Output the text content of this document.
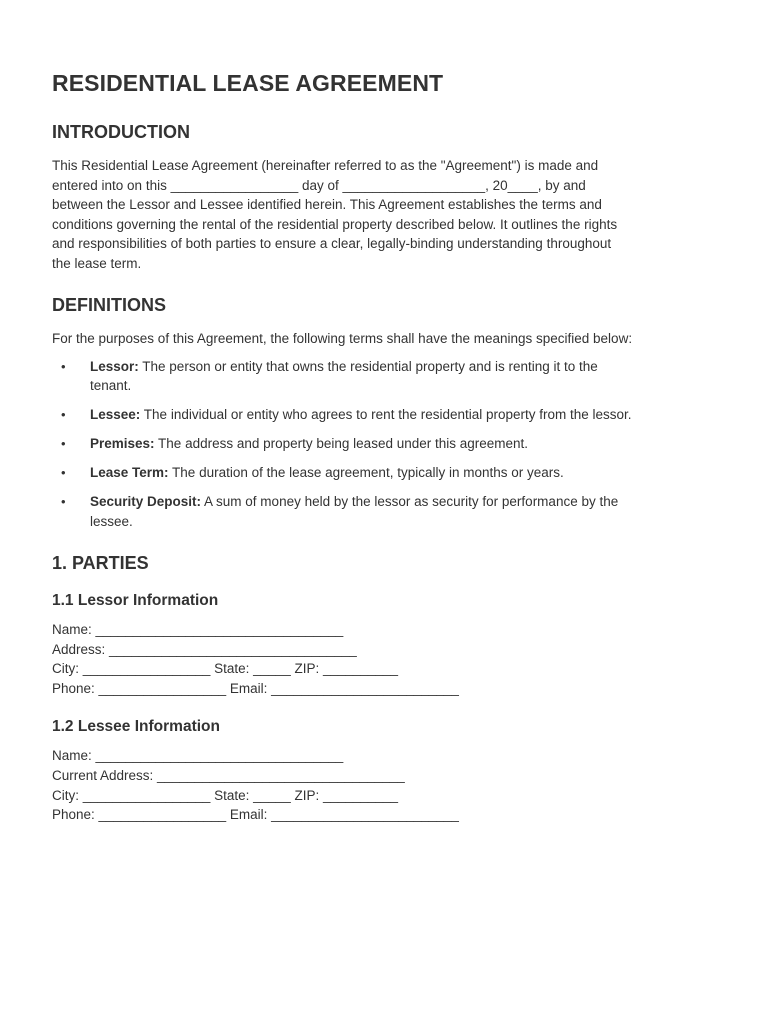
RESIDENTIAL LEASE AGREEMENT
INTRODUCTION
This Residential Lease Agreement (hereinafter referred to as the "Agreement") is made and
entered into on this _________________ day of ___________________, 20____, by and
between the Lessor and Lessee identified herein. This Agreement establishes the terms and
conditions governing the rental of the residential property described below. It outlines the rights
and responsibilities of both parties to ensure a clear, legally-binding understanding throughout
the lease term.
DEFINITIONS

For the purposes of this Agreement, the following terms shall have the meanings specified below:

• Lessor: The person or entity that owns the residential property and is renting it to the
tenant.
• Lessee: The individual or entity who agrees to rent the residential property from the lessor.
• Premises: The address and property being leased under this agreement.
• Lease Term: The duration of the lease agreement, typically in months or years.
• Security Deposit: A sum of money held by the lessor as security for performance by the
lessee.
1. PARTIES
1.1 Lessor Information
Name: _________________________________
Address: _________________________________
City: _________________ State: _____ ZIP: __________
Phone: _________________ Email: _________________________
1.2 Lessee Information
Name: _________________________________
Current Address: _________________________________
City: _________________ State: _____ ZIP: __________
Phone: _________________ Email: _________________________
